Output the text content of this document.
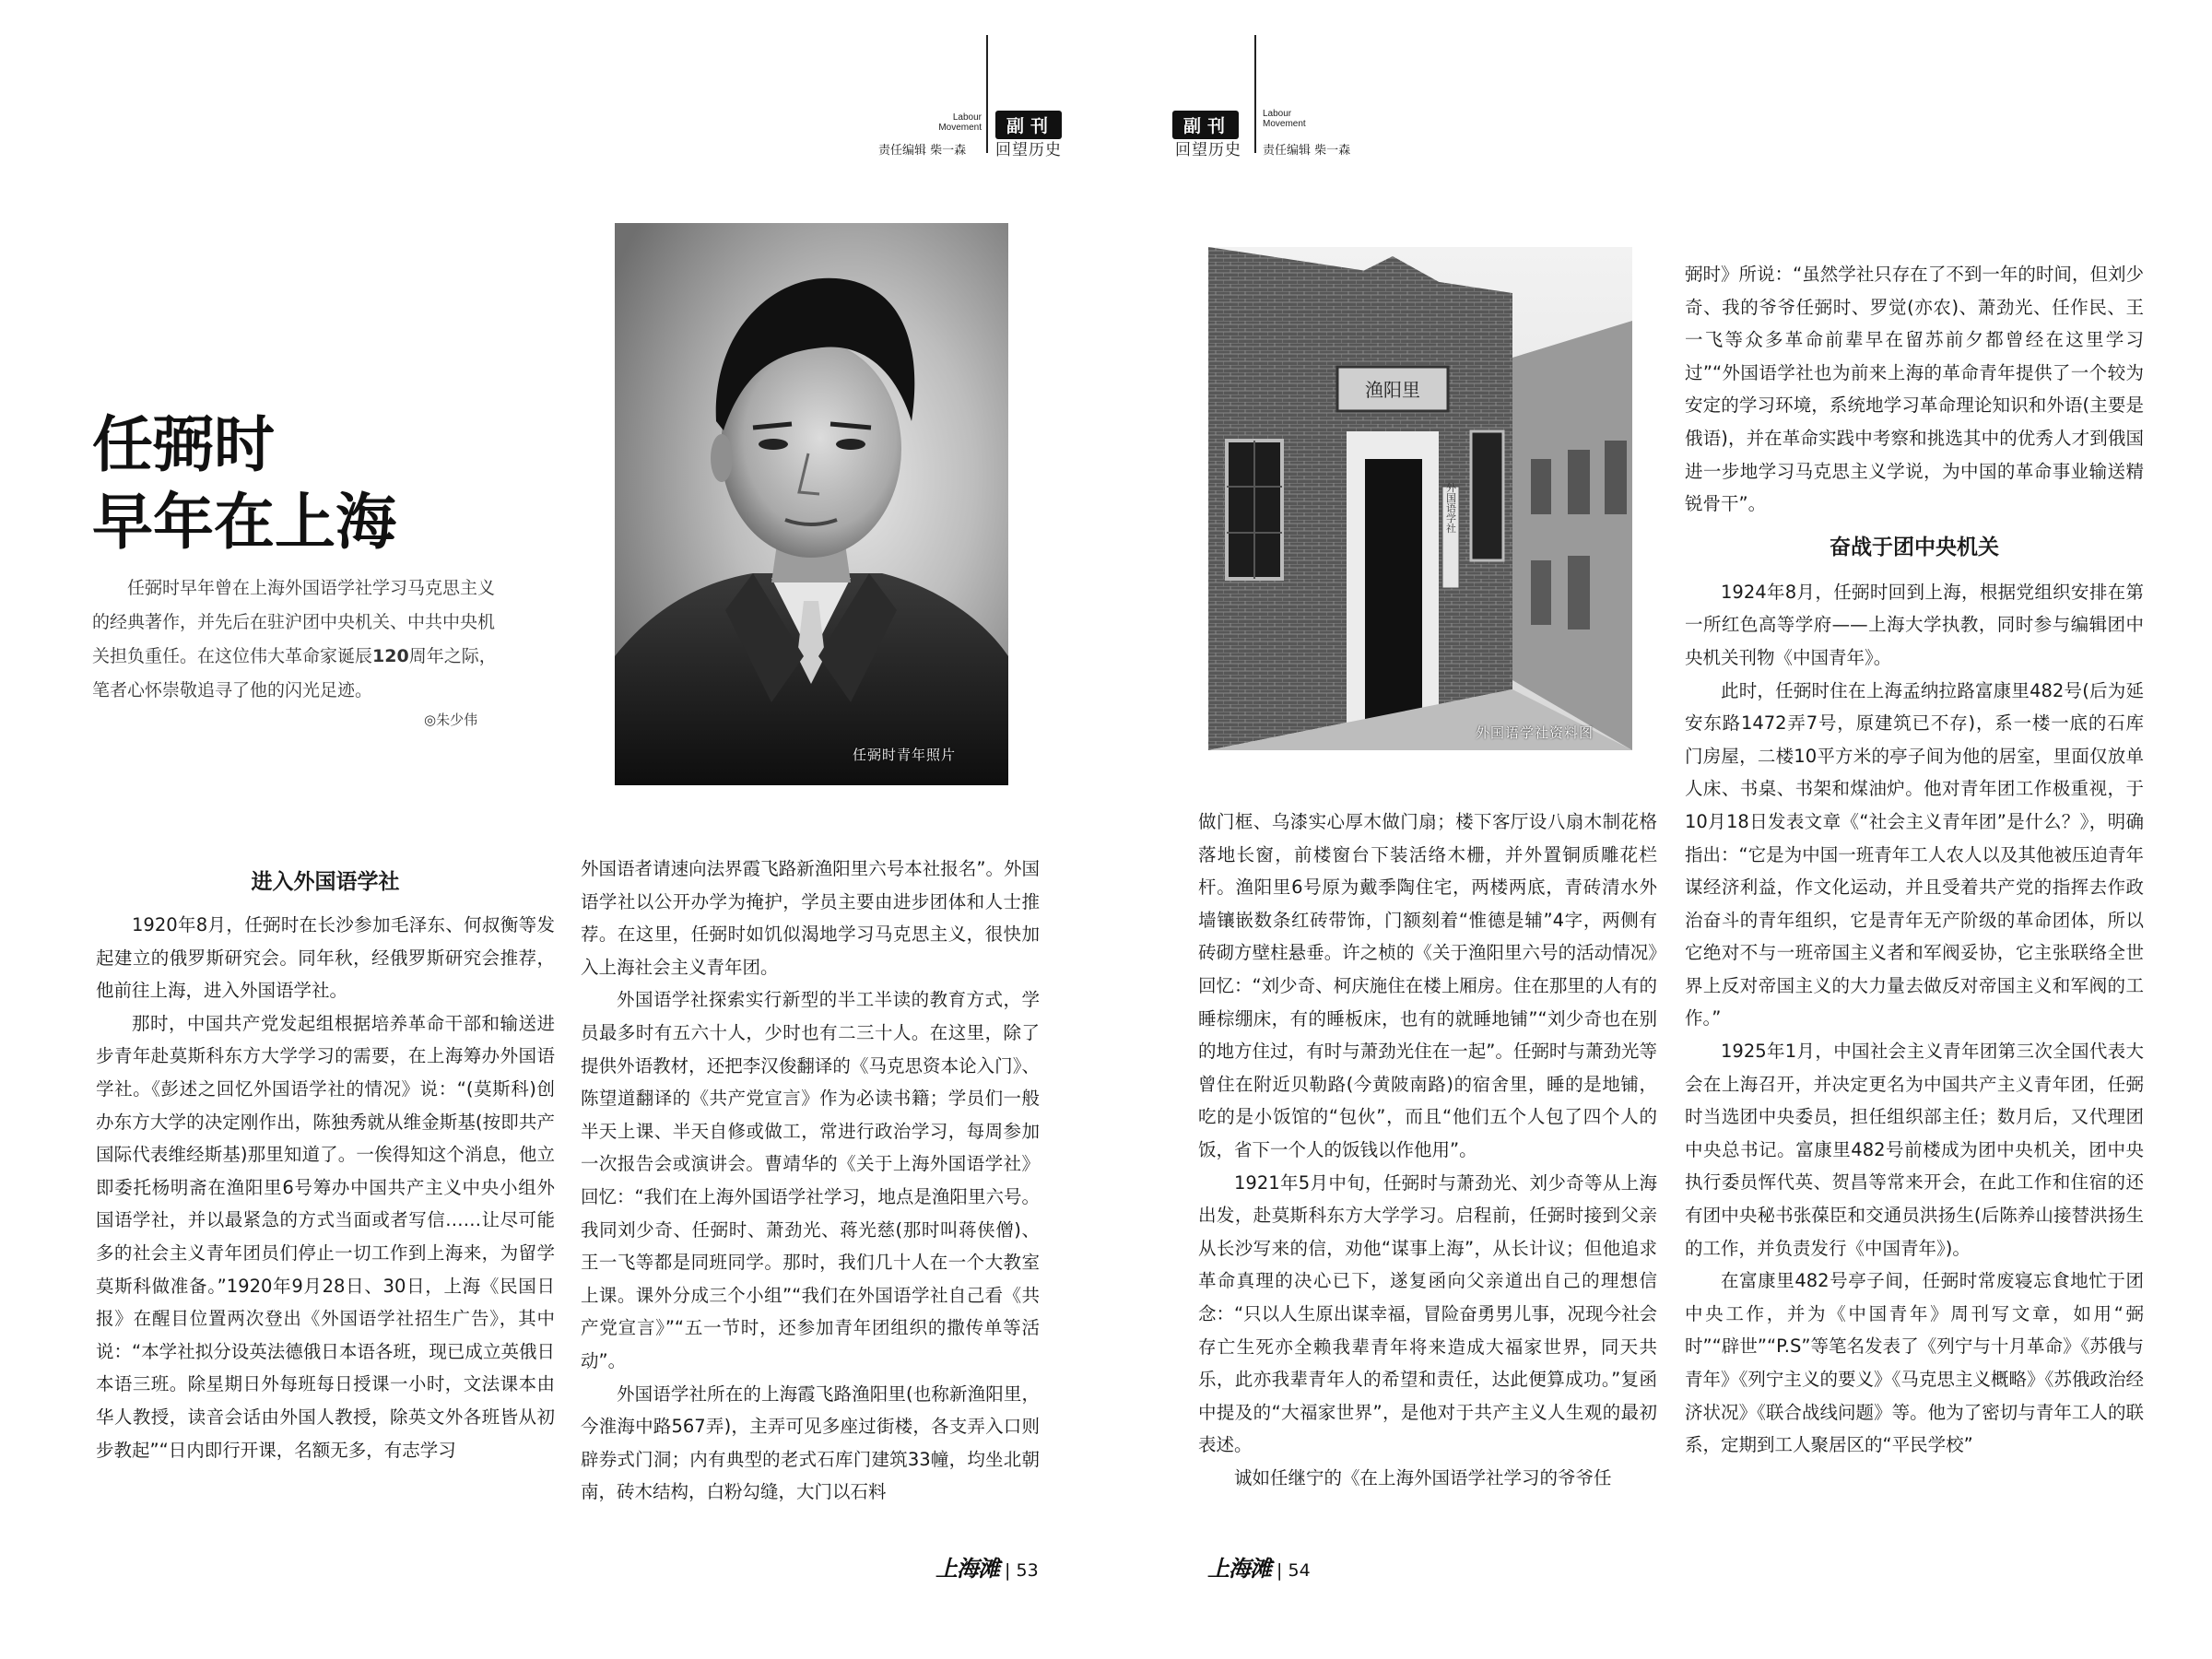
Labour
Movement	副刊
回望历史
责任编辑 柴一森
副刊
回望历史
Labour
Movement
责任编辑 柴一森
任弼时
早年在上海
任弼时早年曾在上海外国语学社学习马克思主义的经典著作，并先后在驻沪团中央机关、中共中央机关担负重任。在这位伟大革命家诞辰120周年之际，笔者心怀崇敬追寻了他的闪光足迹。
◎朱少伟
任弼时青年照片
渔阳里
外国语学社
外国语学社资料图
进入外国语学社

1920年8月，任弼时在长沙参加毛泽东、何叔衡等发起建立的俄罗斯研究会。同年秋，经俄罗斯研究会推荐，他前往上海，进入外国语学社。

那时，中国共产党发起组根据培养革命干部和输送进步青年赴莫斯科东方大学学习的需要，在上海筹办外国语学社。《彭述之回忆外国语学社的情况》说：“(莫斯科)创办东方大学的决定刚作出，陈独秀就从维金斯基(按即共产国际代表维经斯基)那里知道了。一俟得知这个消息，他立即委托杨明斋在渔阳里6号筹办中国共产主义中央小组外国语学社，并以最紧急的方式当面或者写信……让尽可能多的社会主义青年团员们停止一切工作到上海来，为留学莫斯科做准备。”1920年9月28日、30日，上海《民国日报》在醒目位置两次登出《外国语学社招生广告》，其中说：“本学社拟分设英法德俄日本语各班，现已成立英俄日本语三班。除星期日外每班每日授课一小时，文法课本由华人教授，读音会话由外国人教授，除英文外各班皆从初步教起”“日内即行开课，名额无多，有志学习

外国语者请速向法界霞飞路新渔阳里六号本社报名”。外国语学社以公开办学为掩护，学员主要由进步团体和人士推荐。在这里，任弼时如饥似渴地学习马克思主义，很快加入上海社会主义青年团。

外国语学社探索实行新型的半工半读的教育方式，学员最多时有五六十人，少时也有二三十人。在这里，除了提供外语教材，还把李汉俊翻译的《马克思资本论入门》、陈望道翻译的《共产党宣言》作为必读书籍；学员们一般半天上课、半天自修或做工，常进行政治学习，每周参加一次报告会或演讲会。曹靖华的《关于上海外国语学社》回忆：“我们在上海外国语学社学习，地点是渔阳里六号。我同刘少奇、任弼时、萧劲光、蒋光慈(那时叫蒋侠僧)、王一飞等都是同班同学。那时，我们几十人在一个大教室上课。课外分成三个小组”“我们在外国语学社自己看《共产党宣言》”“五一节时，还参加青年团组织的撒传单等活动”。

外国语学社所在的上海霞飞路渔阳里(也称新渔阳里，今淮海中路567弄)，主弄可见多座过街楼，各支弄入口则辟券式门洞；内有典型的老式石库门建筑33幢，均坐北朝南，砖木结构，白粉勾缝，大门以石料

做门框、乌漆实心厚木做门扇；楼下客厅设八扇木制花格落地长窗，前楼窗台下装活络木栅，并外置铜质雕花栏杆。渔阳里6号原为戴季陶住宅，两楼两底，青砖清水外墙镶嵌数条红砖带饰，门额刻着“惟德是辅”4字，两侧有砖砌方壁柱悬垂。许之桢的《关于渔阳里六号的活动情况》回忆：“刘少奇、柯庆施住在楼上厢房。住在那里的人有的睡棕绷床，有的睡板床，也有的就睡地铺”“刘少奇也在别的地方住过，有时与萧劲光住在一起”。任弼时与萧劲光等曾住在附近贝勒路(今黄陂南路)的宿舍里，睡的是地铺，吃的是小饭馆的“包伙”，而且“他们五个人包了四个人的饭，省下一个人的饭钱以作他用”。

1921年5月中旬，任弼时与萧劲光、刘少奇等从上海出发，赴莫斯科东方大学学习。启程前，任弼时接到父亲从长沙写来的信，劝他“谋事上海”，从长计议；但他追求革命真理的决心已下，遂复函向父亲道出自己的理想信念：“只以人生原出谋幸福，冒险奋勇男儿事，况现今社会存亡生死亦全赖我辈青年将来造成大福家世界，同天共乐，此亦我辈青年人的希望和责任，达此便算成功。”复函中提及的“大福家世界”，是他对于共产主义人生观的最初表述。

诚如任继宁的《在上海外国语学社学习的爷爷任

弼时》所说：“虽然学社只存在了不到一年的时间，但刘少奇、我的爷爷任弼时、罗觉(亦农)、萧劲光、任作民、王一飞等众多革命前辈早在留苏前夕都曾经在这里学习过”“外国语学社也为前来上海的革命青年提供了一个较为安定的学习环境，系统地学习革命理论知识和外语(主要是俄语)，并在革命实践中考察和挑选其中的优秀人才到俄国进一步地学习马克思主义学说，为中国的革命事业输送精锐骨干”。

奋战于团中央机关

1924年8月，任弼时回到上海，根据党组织安排在第一所红色高等学府——上海大学执教，同时参与编辑团中央机关刊物《中国青年》。

此时，任弼时住在上海孟纳拉路富康里482号(后为延安东路1472弄7号，原建筑已不存)，系一楼一底的石库门房屋，二楼10平方米的亭子间为他的居室，里面仅放单人床、书桌、书架和煤油炉。他对青年团工作极重视，于10月18日发表文章《“社会主义青年团”是什么？》，明确指出：“它是为中国一班青年工人农人以及其他被压迫青年谋经济利益，作文化运动，并且受着共产党的指挥去作政治奋斗的青年组织，它是青年无产阶级的革命团体，所以它绝对不与一班帝国主义者和军阀妥协，它主张联络全世界上反对帝国主义的大力量去做反对帝国主义和军阀的工作。”

1925年1月，中国社会主义青年团第三次全国代表大会在上海召开，并决定更名为中国共产主义青年团，任弼时当选团中央委员，担任组织部主任；数月后，又代理团中央总书记。富康里482号前楼成为团中央机关，团中央执行委员恽代英、贺昌等常来开会，在此工作和住宿的还有团中央秘书张葆臣和交通员洪扬生(后陈养山接替洪扬生的工作，并负责发行《中国青年》)。

在富康里482号亭子间，任弼时常废寝忘食地忙于团中央工作，并为《中国青年》周刊写文章，如用“弼时”“辟世”“P.S”等笔名发表了《列宁与十月革命》《苏俄与青年》《列宁主义的要义》《马克思主义概略》《苏俄政治经济状况》《联合战线问题》等。他为了密切与青年工人的联系，定期到工人聚居区的“平民学校”

上海滩 | 53	上海滩 | 54
